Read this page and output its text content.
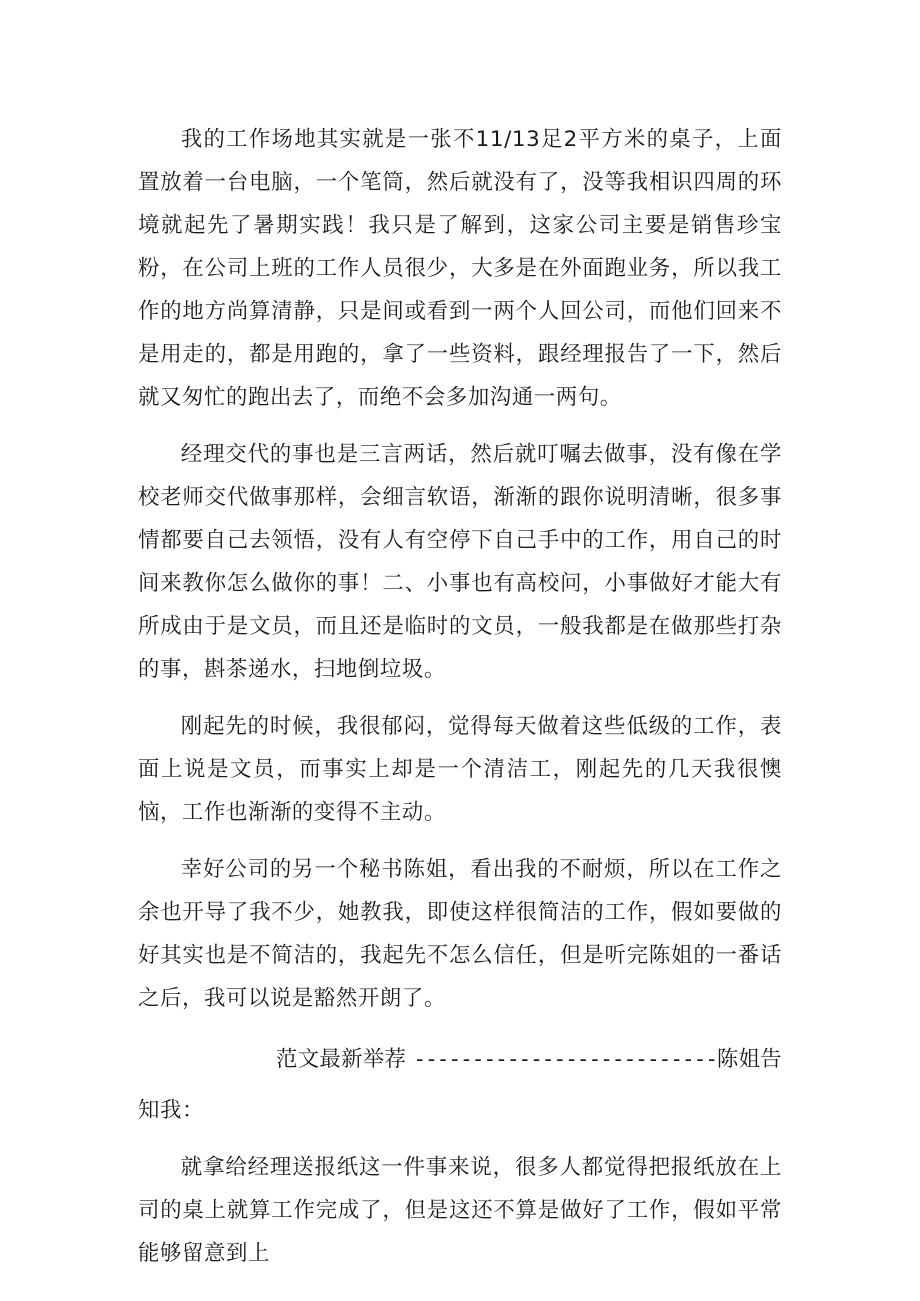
我的工作场地其实就是一张不11/13足2平方米的桌子，上面置放着一台电脑，一个笔筒，然后就没有了，没等我相识四周的环境就起先了暑期实践！我只是了解到，这家公司主要是销售珍宝粉，在公司上班的工作人员很少，大多是在外面跑业务，所以我工作的地方尚算清静，只是间或看到一两个人回公司，而他们回来不是用走的，都是用跑的，拿了一些资料，跟经理报告了一下，然后就又匆忙的跑出去了，而绝不会多加沟通一两句。

经理交代的事也是三言两话，然后就叮嘱去做事，没有像在学校老师交代做事那样，会细言软语，渐渐的跟你说明清晰，很多事情都要自己去领悟，没有人有空停下自己手中的工作，用自己的时间来教你怎么做你的事！二、小事也有高校问，小事做好才能大有所成由于是文员，而且还是临时的文员，一般我都是在做那些打杂的事，斟茶递水，扫地倒垃圾。

刚起先的时候，我很郁闷，觉得每天做着这些低级的工作，表面上说是文员，而事实上却是一个清洁工，刚起先的几天我很懊恼，工作也渐渐的变得不主动。

幸好公司的另一个秘书陈姐，看出我的不耐烦，所以在工作之余也开导了我不少，她教我，即使这样很简洁的工作，假如要做的好其实也是不简洁的，我起先不怎么信任，但是听完陈姐的一番话之后，我可以说是豁然开朗了。

范文最新举荐 --------------------------陈姐告

知我：

就拿给经理送报纸这一件事来说，很多人都觉得把报纸放在上司的桌上就算工作完成了，但是这还不算是做好了工作，假如平常能够留意到上
